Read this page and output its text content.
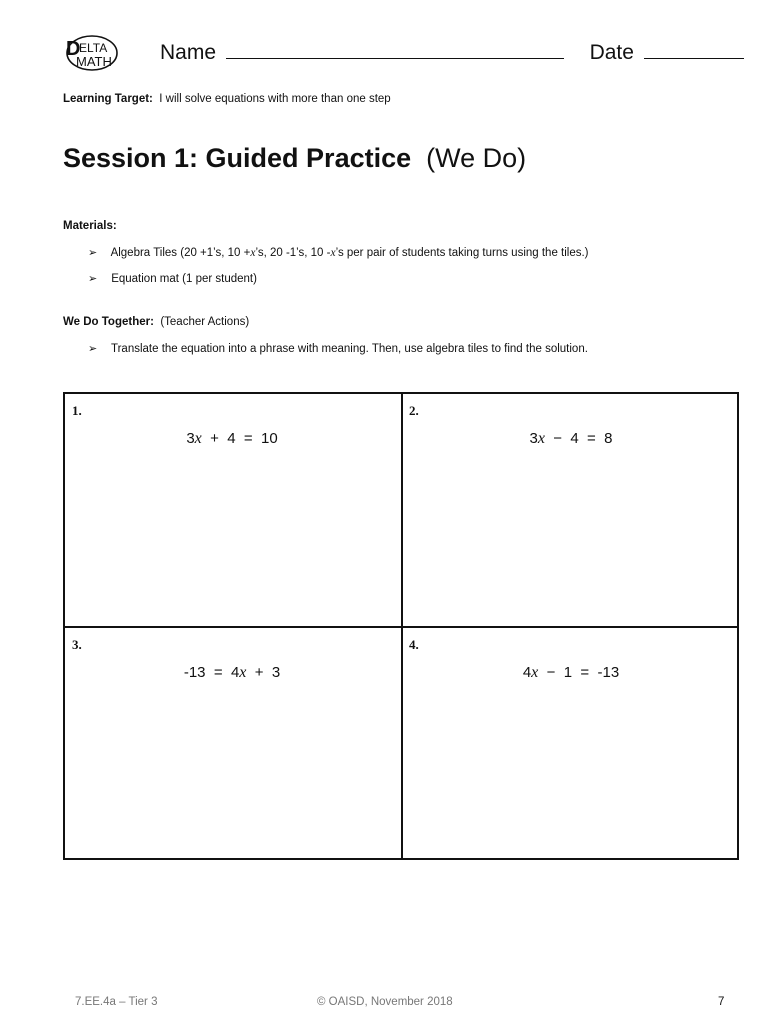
D
ELTA
MATH Name	Date
Learning Target: I will solve equations with more than one step
Session 1: Guided Practice (We Do)
Materials:
➢ Algebra Tiles (20 +1’s, 10 +x’s, 20 -1’s, 10 -x’s per pair of students taking turns using the tiles.)
➢ Equation mat (1 per student)
We Do Together: (Teacher Actions)
➢ Translate the equation into a phrase with meaning. Then, use algebra tiles to find the solution.
1.
3x  +  4  =  10
2.
3x  −  4  =  8
3.
-13  =  4x  +  3
4.
4x  −  1  =  -13
7.EE.4a – Tier 3	© OAISD, November 2018	7
